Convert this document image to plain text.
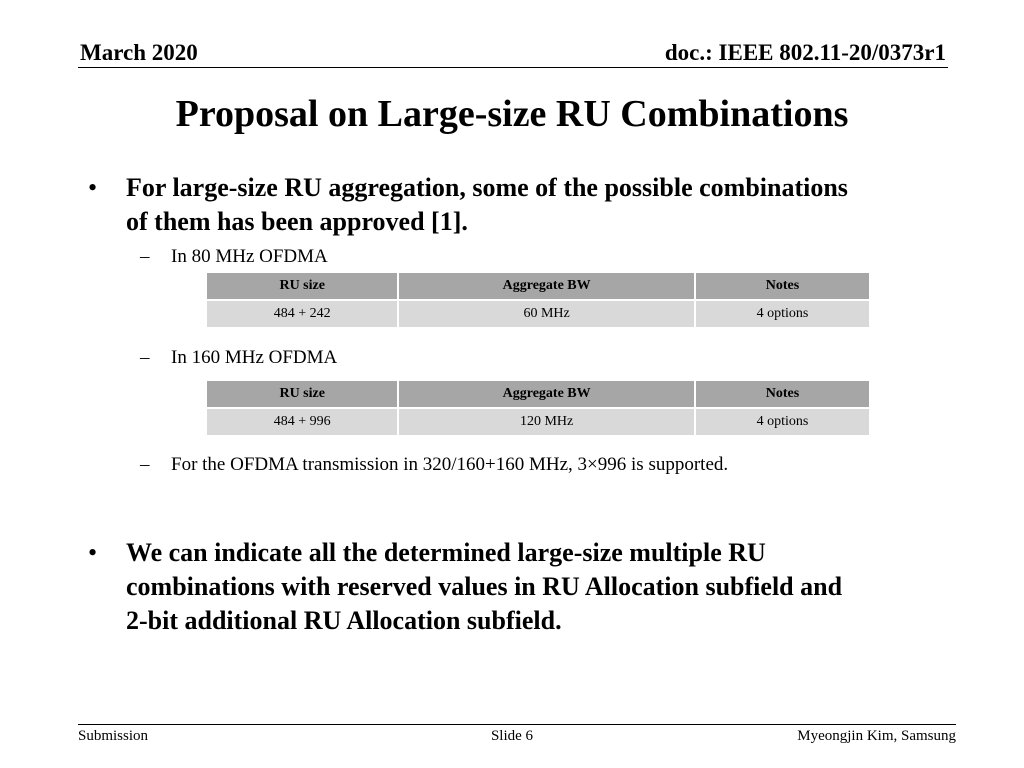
March 2020	doc.: IEEE 802.11-20/0373r1
Proposal on Large-size RU Combinations
• For large-size RU aggregation, some of the possible combinations
of them has been approved [1].
– In 80 MHz OFDMA
RU size	Aggregate BW	Notes
484 + 242	60 MHz	4 options
– In 160 MHz OFDMA
RU size	Aggregate BW	Notes
484 + 996	120 MHz	4 options
– For the OFDMA transmission in 320/160+160 MHz, 3×996 is supported.
• We can indicate all the determined large-size multiple RU
combinations with reserved values in RU Allocation subfield and
2-bit additional RU Allocation subfield.
Submission	Slide 6	Myeongjin Kim, Samsung
